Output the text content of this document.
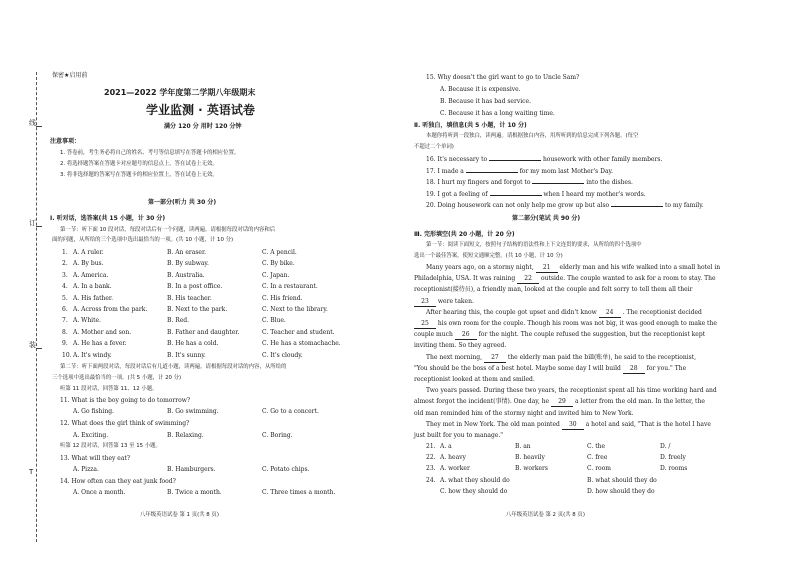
线
订
装
T
保密★启用前
2021—2022 学年度第二学期八年级期末
学业监测 · 英语试卷
满分 120 分 用时 120 分钟
注意事项：
1. 答卷前，考生务必将自己的姓名、考号等信息填写在答题卡的相应位置。
2. 将选择题答案在答题卡对应题号的信息点上，答在试卷上无效。
3. 将非选择题的答案写在答题卡的相应位置上，答在试卷上无效。
第一部分(听力 共 30 分)
Ⅰ. 听对话，选答案(共 15 小题，计 30 分)
第一节：听下面 10 段对话，每段对话后有一个问题，读两遍。请根据每段对话的内容和后
面的问题，从所给的三个选项中选出最恰当的一项。(共 10 小题，计 10 分)
1. A. A ruler.	B. An eraser.	C. A pencil.
2. A. By bus.	B. By subway.	C. By bike.
3. A. America.	B. Australia.	C. Japan.
4. A. In a bank.	B. In a post office.	C. In a restaurant.
5. A. His father.	B. His teacher.	C. His friend.
6. A. Across from the park.	B. Next to the park.	C. Next to the library.
7. A. White.	B. Red.	C. Blue.
8. A. Mother and son.	B. Father and daughter.	C. Teacher and student.
9. A. He has a fever.	B. He has a cold.	C. He has a stomachache.
10. A. It's windy.	B. It's sunny.	C. It's cloudy.
第二节：听下面两段对话，每段对话后有几道小题，读两遍。请根据每段对话的内容，从所给的
三个选项中选出最恰当的一项。(共 5 小题，计 20 分)
听第 11 段对话，回答第 11、12 小题。
11. What is the boy going to do tomorrow?
A. Go fishing.	B. Go swimming.	C. Go to a concert.
12. What does the girl think of swimming?
A. Exciting.	B. Relaxing.	C. Boring.
听第 12 段对话，回答第 13 至 15 小题。
13. What will they eat?
A. Pizza.	B. Hamburgers.	C. Potato chips.
14. How often can they eat junk food?
A. Once a month.	B. Twice a month.	C. Three times a month.
八年级英语试卷 第 1 页(共 8 页)
15. Why doesn't the girl want to go to Uncle Sam?
A. Because it is expensive.
B. Because it has bad service.
C. Because it has a long waiting time.
Ⅱ. 听独白，填信息(共 5 小题，计 10 分)
本题你将听到一段独白，读两遍。请根据独白内容，用所听到的信息完成下列各题。(每空
不超过二个单词)
16. It's necessary to	housework with other family members.
17. I made a	for my mom last Mother's Day.
18. I hurt my fingers and forgot to	into the dishes.
19. I got a feeling of	when I heard my mother's words.
20. Doing housework can not only help me grow up but also	to my family.
第二部分(笔试 共 90 分)
Ⅲ. 完形填空(共 20 小题，计 20 分)
第一节：阅读下面短文，按照句子结构的语法性和上下文连贯的要求，从所给的四个选项中
选出一个最佳答案，使短文通顺完整。(共 10 小题，计 10 分)
Many years ago, on a stormy night, 21 elderly man and his wife walked into a small hotel in
Philadelphia, USA. It was raining 22 outside. The couple wanted to ask for a room to stay. The
receptionist(接待员), a friendly man, looked at the couple and felt sorry to tell them all their
23 were taken.
After hearing this, the couple got upset and didn't know 24 . The receptionist decided
25 his own room for the couple. Though his room was not big, it was good enough to make the
couple much 26 for the night. The couple refused the suggestion, but the receptionist kept
inviting them. So they agreed.
The next morning, 27 the elderly man paid the bill(账单), he said to the receptionist,
"You should be the boss of a best hotel. Maybe some day I will build 28 for you." The
receptionist looked at them and smiled.
Two years passed. During these two years, the receptionist spent all his time working hard and
almost forgot the incident(事情). One day, he 29 a letter from the old man. In the letter, the
old man reminded him of the stormy night and invited him to New York.
They met in New York. The old man pointed 30 a hotel and said, "That is the hotel I have
just built for you to manage."
21. A. a	B. an	C. the	D. /
22. A. heavy	B. heavily	C. free	D. freely
23. A. worker	B. workers	C. room	D. rooms
24. A. what they should do	B. what should they do
C. how they should do	D. how should they do
八年级英语试卷 第 2 页(共 8 页)
